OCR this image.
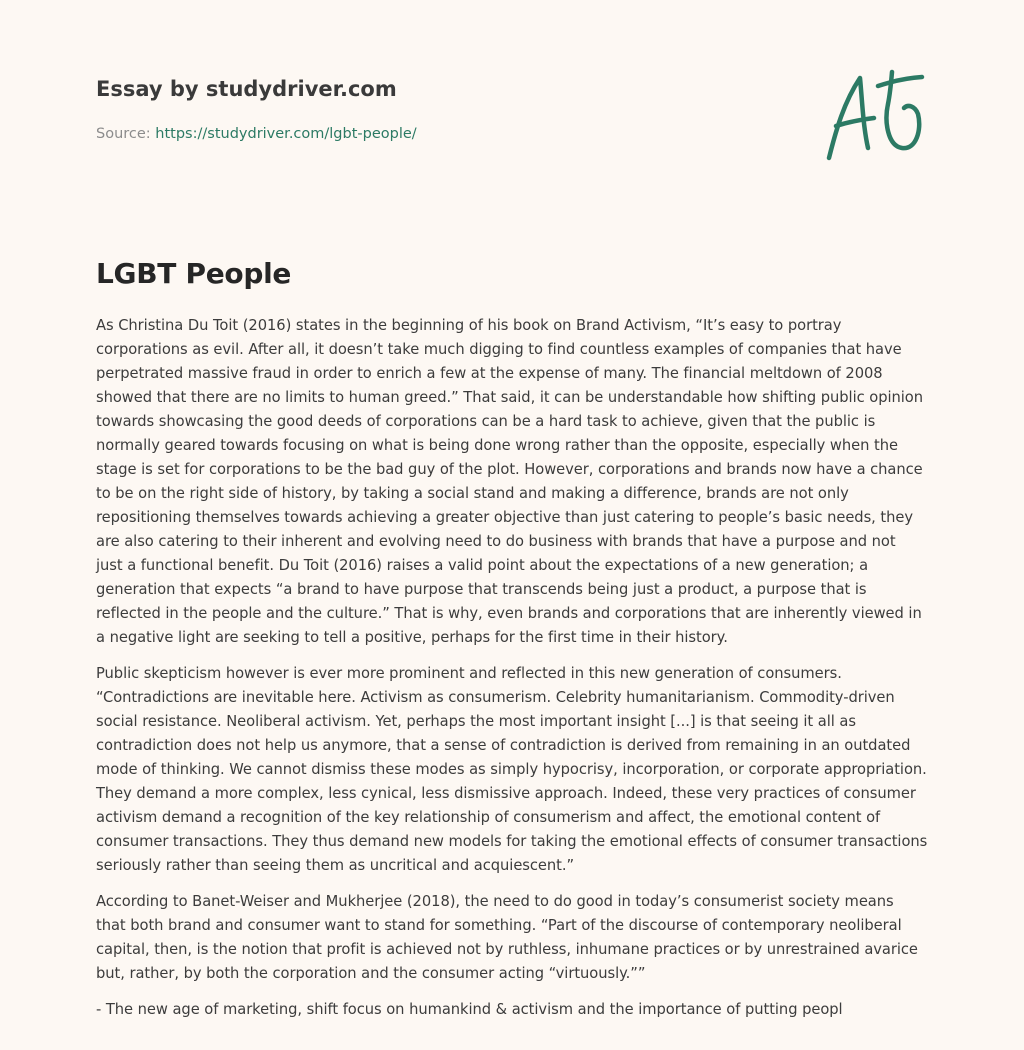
Essay by studydriver.com
Source: https://studydriver.com/lgbt-people/
LGBT People

As Christina Du Toit (2016) states in the beginning of his book on Brand Activism, “It’s easy to portray
corporations as evil. After all, it doesn’t take much digging to find countless examples of companies that have
perpetrated massive fraud in order to enrich a few at the expense of many. The financial meltdown of 2008
showed that there are no limits to human greed.” That said, it can be understandable how shifting public opinion
towards showcasing the good deeds of corporations can be a hard task to achieve, given that the public is
normally geared towards focusing on what is being done wrong rather than the opposite, especially when the
stage is set for corporations to be the bad guy of the plot. However, corporations and brands now have a chance
to be on the right side of history, by taking a social stand and making a difference, brands are not only
repositioning themselves towards achieving a greater objective than just catering to people’s basic needs, they
are also catering to their inherent and evolving need to do business with brands that have a purpose and not
just a functional benefit. Du Toit (2016) raises a valid point about the expectations of a new generation; a
generation that expects “a brand to have purpose that transcends being just a product, a purpose that is
reflected in the people and the culture.” That is why, even brands and corporations that are inherently viewed in
a negative light are seeking to tell a positive, perhaps for the first time in their history.

Public skepticism however is ever more prominent and reflected in this new generation of consumers.
“Contradictions are inevitable here. Activism as consumerism. Celebrity humanitarianism. Commodity-driven
social resistance. Neoliberal activism. Yet, perhaps the most important insight [...] is that seeing it all as
contradiction does not help us anymore, that a sense of contradiction is derived from remaining in an outdated
mode of thinking. We cannot dismiss these modes as simply hypocrisy, incorporation, or corporate appropriation.
They demand a more complex, less cynical, less dismissive approach. Indeed, these very practices of consumer
activism demand a recognition of the key relationship of consumerism and affect, the emotional content of
consumer transactions. They thus demand new models for taking the emotional effects of consumer transactions
seriously rather than seeing them as uncritical and acquiescent.”

According to Banet-Weiser and Mukherjee (2018), the need to do good in today’s consumerist society means
that both brand and consumer want to stand for something. “Part of the discourse of contemporary neoliberal
capital, then, is the notion that profit is achieved not by ruthless, inhumane practices or by unrestrained avarice
but, rather, by both the corporation and the consumer acting “virtuously.””

- The new age of marketing, shift focus on humankind & activism and the importance of putting peopl
